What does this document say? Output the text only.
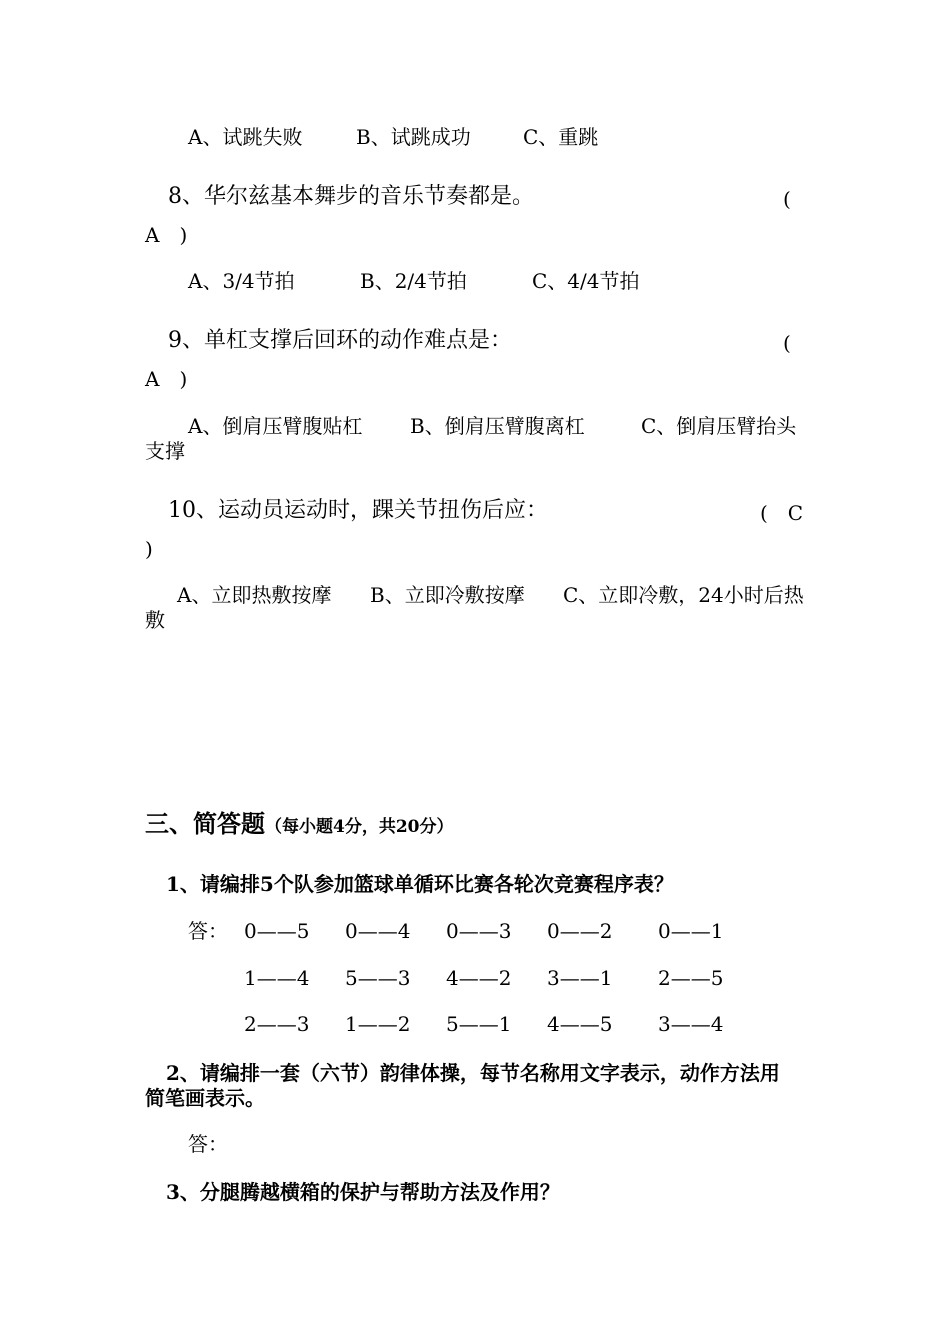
A、试跳失败	B、试跳成功	C、重跳
8、华尔兹基本舞步的音乐节奏都是。	(
A　)
A、3/4节拍	B、2/4节拍	C、4/4节拍
9、单杠支撑后回环的动作难点是：	(
A　)
A、倒肩压臂腹贴杠 B、倒肩压臂腹离杠	C、倒肩压臂抬头
支撑
10、运动员运动时，踝关节扭伤后应：	(　C
)
A、立即热敷按摩 B、立即冷敷按摩 C、立即冷敷，24小时后热
敷
三、简答题（每小题4分，共20分）
1、请编排5个队参加篮球单循环比赛各轮次竞赛程序表？
答： 0——5 0——4 0——3 0——2 0——1
1——4 5——3 4——2 3——1 2——5
2——3 1——2 5——1 4——5 3——4
2、请编排一套（六节）韵律体操，每节名称用文字表示，动作方法用
简笔画表示。
答：
3、分腿腾越横箱的保护与帮助方法及作用？
